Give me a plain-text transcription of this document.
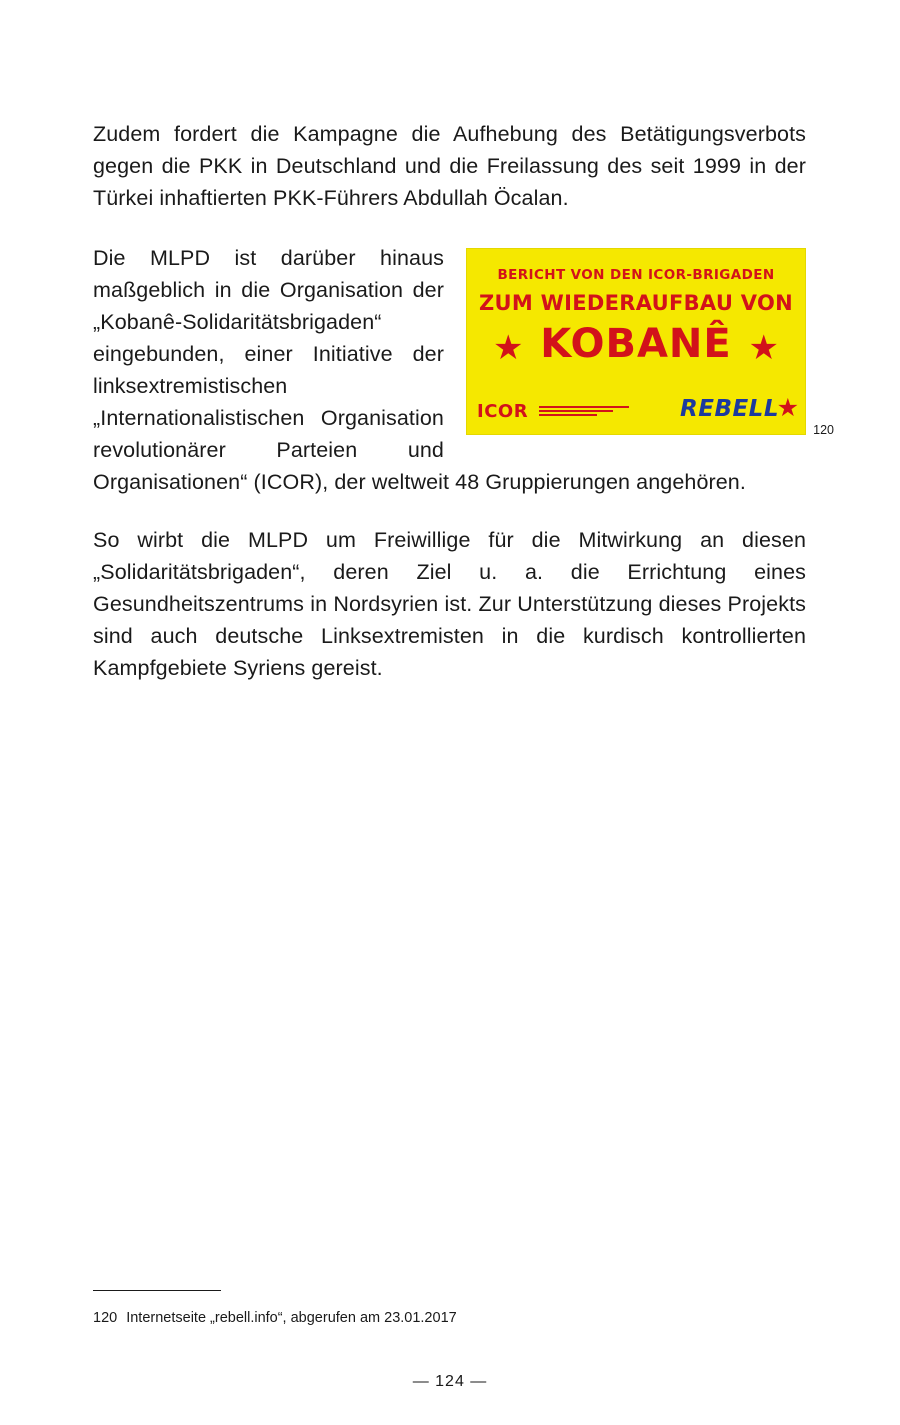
Zudem fordert die Kampagne die Aufhebung des Betätigungsverbots gegen die PKK in Deutschland und die Freilassung des seit 1999 in der Türkei inhaftierten PKK-Führers Abdullah Öcalan.

BERICHT VON DEN ICOR-BRIGADEN
ZUM WIEDERAUFBAU VON
KOBANÊ
★	★
ICOR	REBELL
★
120

Die MLPD ist darüber hinaus maßgeblich in die Organisation der „Kobanê-Solidaritätsbrigaden“ eingebunden, einer Initiative der linksextremistischen „Internationalistischen Organisation revolutionärer Parteien und Organisationen“ (ICOR), der weltweit 48 Gruppierungen angehören.

So wirbt die MLPD um Freiwillige für die Mitwirkung an diesen „Solidaritätsbrigaden“, deren Ziel u. a. die Errichtung eines Gesundheitszentrums in Nordsyrien ist. Zur Unterstützung dieses Projekts sind auch deutsche Linksextremisten in die kurdisch kontrollierten Kampfgebiete Syriens gereist.

120 Internetseite „rebell.info“, abgerufen am 23.01.2017
— 124 —
